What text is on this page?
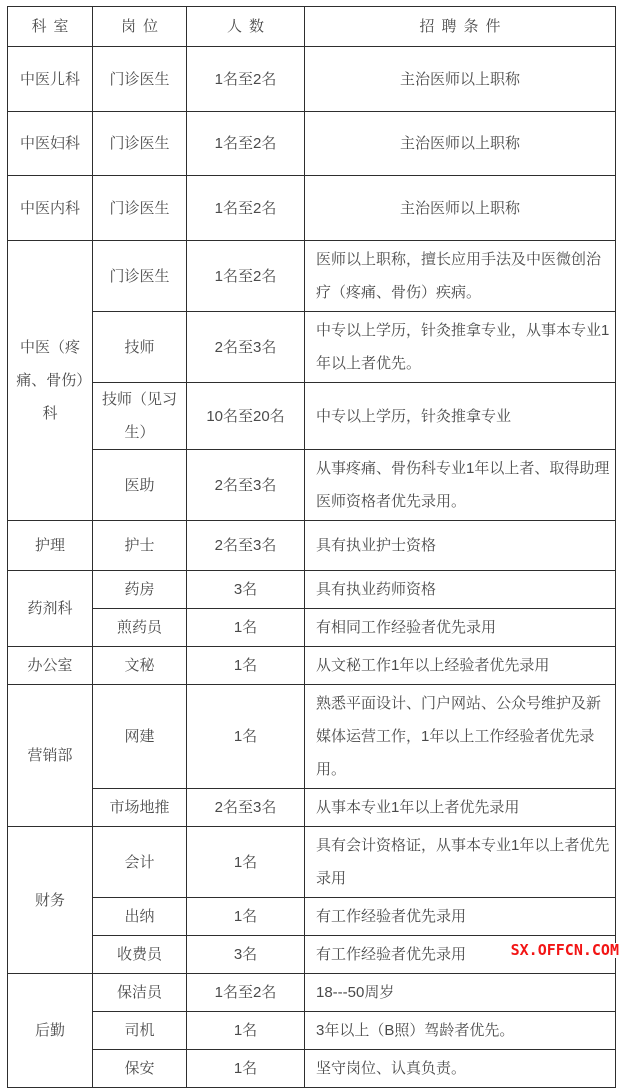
科室	岗位	人数	招聘条件
中医儿科	门诊医生	1名至2名	主治医师以上职称
中医妇科	门诊医生	1名至2名	主治医师以上职称
中医内科	门诊医生	1名至2名	主治医师以上职称
中医（疼痛、骨伤）科	门诊医生	1名至2名	医师以上职称，擅长应用手法及中医微创治疗（疼痛、骨伤）疾病。
	技师	2名至3名	中专以上学历，针灸推拿专业，从事本专业1年以上者优先。
	技师（见习生）	10名至20名	中专以上学历，针灸推拿专业
	医助	2名至3名	从事疼痛、骨伤科专业1年以上者、取得助理医师资格者优先录用。
护理	护士	2名至3名	具有执业护士资格
药剂科	药房	3名	具有执业药师资格
	煎药员	1名	有相同工作经验者优先录用
办公室	文秘	1名	从文秘工作1年以上经验者优先录用
营销部	网建	1名	熟悉平面设计、门户网站、公众号维护及新媒体运营工作，1年以上工作经验者优先录用。
	市场地推	2名至3名	从事本专业1年以上者优先录用
财务	会计	1名	具有会计资格证，从事本专业1年以上者优先录用
	出纳	1名	有工作经验者优先录用
	收费员	3名	有工作经验者优先录用
后勤	保洁员	1名至2名	18---50周岁
	司机	1名	3年以上（B照）驾龄者优先。
	保安	1名	坚守岗位、认真负责。
SX.OFFCN.COM
